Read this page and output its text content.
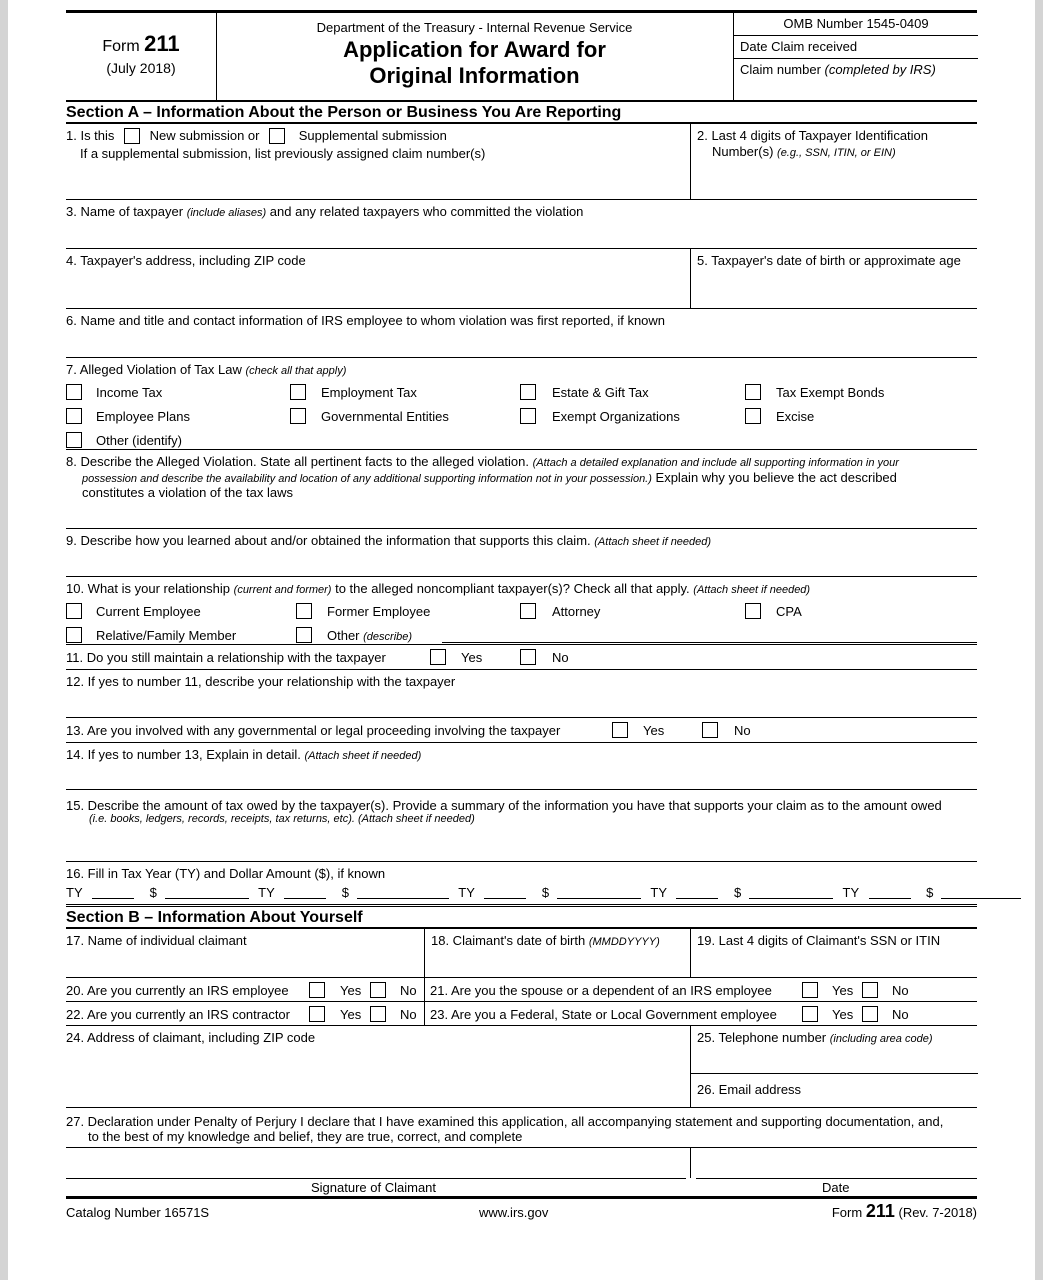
Form 211
(July 2018)
Department of the Treasury - Internal Revenue Service
Application for Award for
Original Information
OMB Number 1545-0409
Date Claim received
Claim number (completed by IRS)
Section A – Information About the Person or Business You Are Reporting
1. Is this	New submission or	Supplemental submission
If a supplemental submission, list previously assigned claim number(s)
2. Last 4 digits of Taxpayer Identification
Number(s) (e.g., SSN, ITIN, or EIN)
3. Name of taxpayer (include aliases) and any related taxpayers who committed the violation
4. Taxpayer's address, including ZIP code	5. Taxpayer's date of birth or approximate age
6. Name and title and contact information of IRS employee to whom violation was first reported, if known
7. Alleged Violation of Tax Law (check all that apply)
Income Tax	Employment Tax	Estate & Gift Tax	Tax Exempt Bonds
Employee Plans	Governmental Entities	Exempt Organizations	Excise
Other (identify)
8. Describe the Alleged Violation. State all pertinent facts to the alleged violation. (Attach a detailed explanation and include all supporting information in your
possession and describe the availability and location of any additional supporting information not in your possession.) Explain why you believe the act described
constitutes a violation of the tax laws
9. Describe how you learned about and/or obtained the information that supports this claim. (Attach sheet if needed)
10. What is your relationship (current and former) to the alleged noncompliant taxpayer(s)? Check all that apply. (Attach sheet if needed)
Current Employee	Former Employee	Attorney	CPA
Relative/Family Member	Other (describe)
11. Do you still maintain a relationship with the taxpayer	Yes	No
12. If yes to number 11, describe your relationship with the taxpayer
13. Are you involved with any governmental or legal proceeding involving the taxpayer	Yes	No
14. If yes to number 13, Explain in detail. (Attach sheet if needed)
15. Describe the amount of tax owed by the taxpayer(s). Provide a summary of the information you have that supports your claim as to the amount owed
(i.e. books, ledgers, records, receipts, tax returns, etc). (Attach sheet if needed)
16. Fill in Tax Year (TY) and Dollar Amount ($), if known
TY	$	TY	$	TY	$	TY	$	TY	$
Section B – Information About Yourself
17. Name of individual claimant	18. Claimant's date of birth (MMDDYYYY)	19. Last 4 digits of Claimant's SSN or ITIN
20. Are you currently an IRS employee	Yes	No 21. Are you the spouse or a dependent of an IRS employee	Yes	No
22. Are you currently an IRS contractor	Yes	No 23. Are you a Federal, State or Local Government employee	Yes	No
24. Address of claimant, including ZIP code	25. Telephone number (including area code)
26. Email address
27. Declaration under Penalty of Perjury I declare that I have examined this application, all accompanying statement and supporting documentation, and,
to the best of my knowledge and belief, they are true, correct, and complete
Signature of Claimant	Date
Catalog Number 16571S	www.irs.gov	Form 211 (Rev. 7-2018)
